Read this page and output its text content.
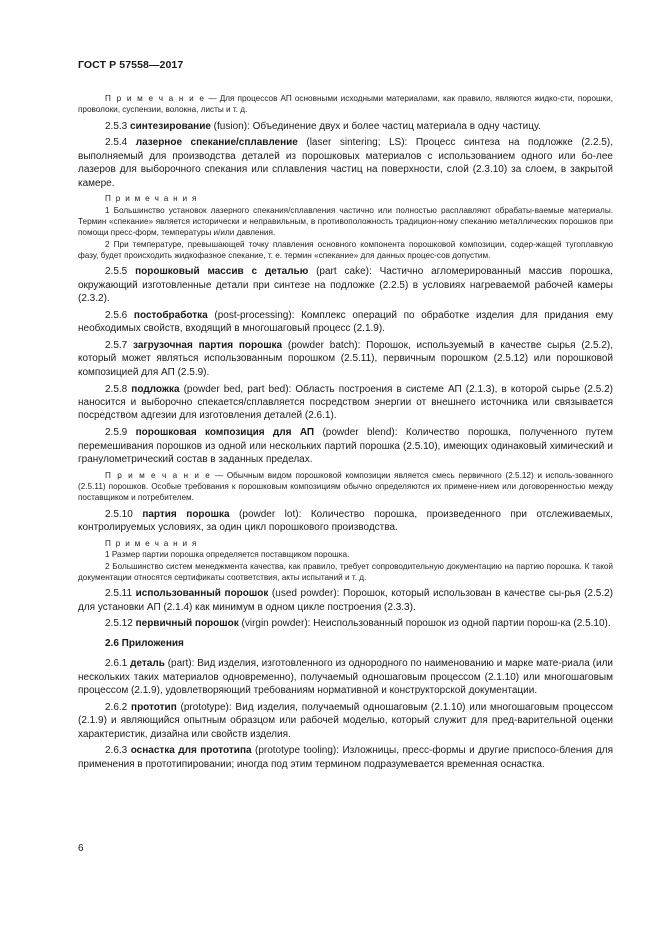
ГОСТ Р 57558—2017

П р и м е ч а н и е — Для процессов АП основными исходными материалами, как правило, являются жидко-сти, порошки, проволоки, суспензии, волокна, листы и т. д.

2.5.3 синтезирование (fusion): Объединение двух и более частиц материала в одну частицу.

2.5.4 лазерное спекание/сплавление (laser sintering; LS): Процесс синтеза на подложке (2.2.5), выполняемый для производства деталей из порошковых материалов с использованием одного или бо-лее лазеров для выборочного спекания или сплавления частиц на поверхности, слой (2.3.10) за слоем, в закрытой камере.

П р и м е ч а н и я

1 Большинство установок лазерного спекания/сплавления частично или полностью расплавляют обрабаты-ваемые материалы. Термин «спекание» является исторически и неправильным, в противоположность традицион-ному спеканию металлических порошков при помощи пресс-форм, температуры и/или давления.

2 При температуре, превышающей точку плавления основного компонента порошковой композиции, содер-жащей тугоплавкую фазу, будет происходить жидкофазное спекание, т. е. термин «спекание» для данных процес-сов допустим.

2.5.5 порошковый массив с деталью (part cake): Частично агломерированный массив порошка, окружающий изготовленные детали при синтезе на подложке (2.2.5) в условиях нагреваемой рабочей камеры (2.3.2).

2.5.6 постобработка (post-processing): Комплекс операций по обработке изделия для придания ему необходимых свойств, входящий в многошаговый процесс (2.1.9).

2.5.7 загрузочная партия порошка (powder batch): Порошок, используемый в качестве сырья (2.5.2), который может являться использованным порошком (2.5.11), первичным порошком (2.5.12) или порошковой композицией для АП (2.5.9).

2.5.8 подложка (powder bed, part bed): Область построения в системе АП (2.1.3), в которой сырье (2.5.2) наносится и выборочно спекается/сплавляется посредством энергии от внешнего источника или связывается посредством адгезии для изготовления деталей (2.6.1).

2.5.9 порошковая композиция для АП (powder blend): Количество порошка, полученного путем перемешивания порошков из одной или нескольких партий порошка (2.5.10), имеющих одинаковый химический и гранулометрический состав в заданных пределах.

П р и м е ч а н и е — Обычным видом порошковой композиции является смесь первичного (2.5.12) и исполь-зованного (2.5.11) порошков. Особые требования к порошковым композициям обычно определяются их примене-нием или договоренностью между поставщиком и потребителем.

2.5.10 партия порошка (powder lot): Количество порошка, произведенного при отслеживаемых, контролируемых условиях, за один цикл порошкового производства.

П р и м е ч а н и я

1 Размер партии порошка определяется поставщиком порошка.

2 Большинство систем менеджмента качества, как правило, требует сопроводительную документацию на партию порошка. К такой документации относятся сертификаты соответствия, акты испытаний и т. д.

2.5.11 использованный порошок (used powder): Порошок, который использован в качестве сы-рья (2.5.2) для установки АП (2.1.4) как минимум в одном цикле построения (2.3.3).

2.5.12 первичный порошок (virgin powder): Неиспользованный порошок из одной партии порош-ка (2.5.10).

2.6 Приложения

2.6.1 деталь (part): Вид изделия, изготовленного из однородного по наименованию и марке мате-риала (или нескольких таких материалов одновременно), получаемый одношаговым процессом (2.1.10) или многошаговым процессом (2.1.9), удовлетворяющий требованиям нормативной и конструкторской документации.

2.6.2 прототип (prototype): Вид изделия, получаемый одношаговым (2.1.10) или многошаговым процессом (2.1.9) и являющийся опытным образцом или рабочей моделью, который служит для пред-варительной оценки характеристик, дизайна или свойств изделия.

2.6.3 оснастка для прототипа (prototype tooling): Изложницы, пресс-формы и другие приспосо-бления для применения в прототипировании; иногда под этим термином подразумевается временная оснастка.

6
